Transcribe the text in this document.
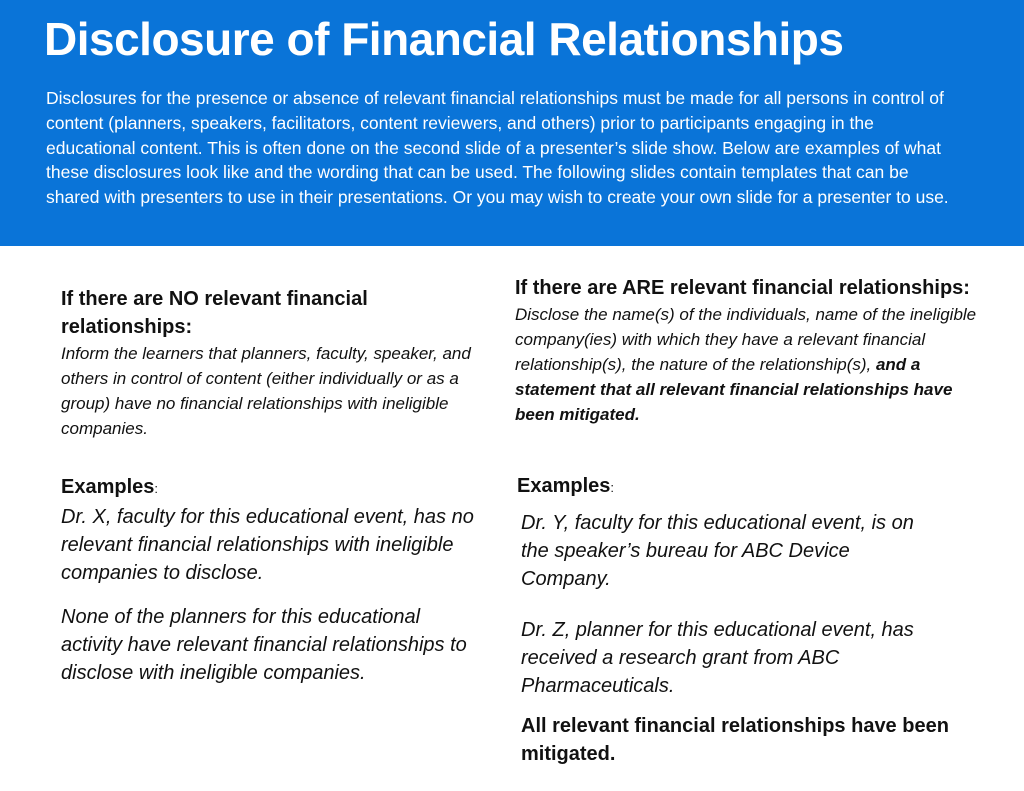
Disclosure of Financial Relationships

Disclosures for the presence or absence of relevant financial relationships must be made for all persons in control of content (planners, speakers, facilitators, content reviewers, and others) prior to participants engaging in the educational content. This is often done on the second slide of a presenter’s slide show. Below are examples of what these disclosures look like and the wording that can be used. The following slides contain templates that can be shared with presenters to use in their presentations. Or you may wish to create your own slide for a presenter to use.

If there are NO relevant financial relationships:

Inform the learners that planners, faculty, speaker, and others in control of content (either individually or as a group) have no financial relationships with ineligible companies.

Examples:

Dr. X, faculty for this educational event, has no relevant financial relationships with ineligible companies to disclose.

None of the planners for this educational activity have relevant financial relationships to disclose with ineligible companies.

If there are ARE relevant financial relationships:

Disclose the name(s) of the individuals, name of the ineligible company(ies) with which they have a relevant financial relationship(s), the nature of the relationship(s), and a statement that all relevant financial relationships have been mitigated.

Examples:

Dr. Y, faculty for this educational event, is on the speaker’s bureau for ABC Device Company.

Dr. Z, planner for this educational event, has received a research grant from ABC Pharmaceuticals.

All relevant financial relationships have been mitigated.
